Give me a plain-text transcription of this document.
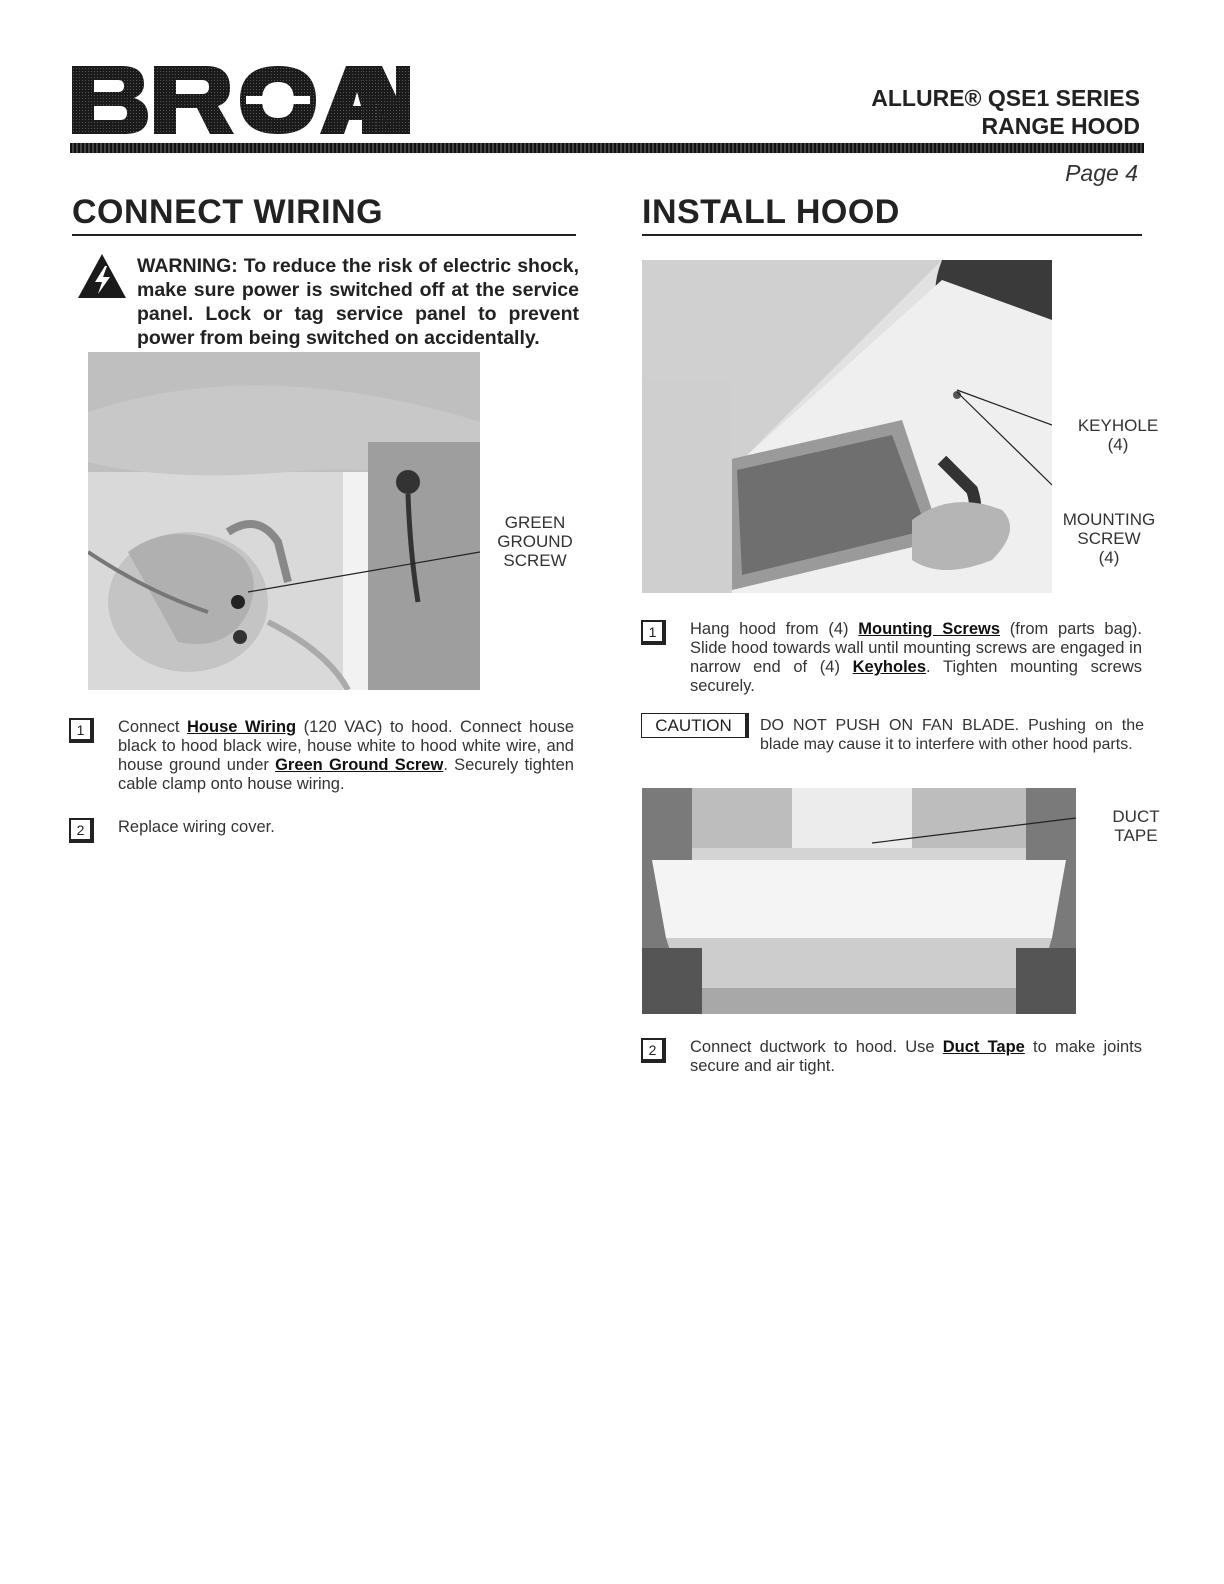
ALLURE® QSE1 SERIES
RANGE HOOD
Page 4
CONNECT WIRING
WARNING: To reduce the risk of electric shock, make sure power is switched off at the service panel. Lock or tag service panel to prevent power from being switched on accidentally.
GREEN
GROUND
SCREW
1	Connect House Wiring (120 VAC) to hood. Connect house black to hood black wire, house white to hood white wire, and house ground under Green Ground Screw. Securely tighten cable clamp onto house wiring.
2	Replace wiring cover.
INSTALL HOOD
KEYHOLE
(4)
MOUNTING
SCREW
(4)
1	Hang hood from (4) Mounting Screws (from parts bag). Slide hood towards wall until mounting screws are engaged in narrow end of (4) Keyholes. Tighten mounting screws securely.
CAUTION	DO NOT PUSH ON FAN BLADE. Pushing on the blade may cause it to interfere with other hood parts.
DUCT
TAPE
2	Connect ductwork to hood. Use Duct Tape to make joints secure and air tight.
